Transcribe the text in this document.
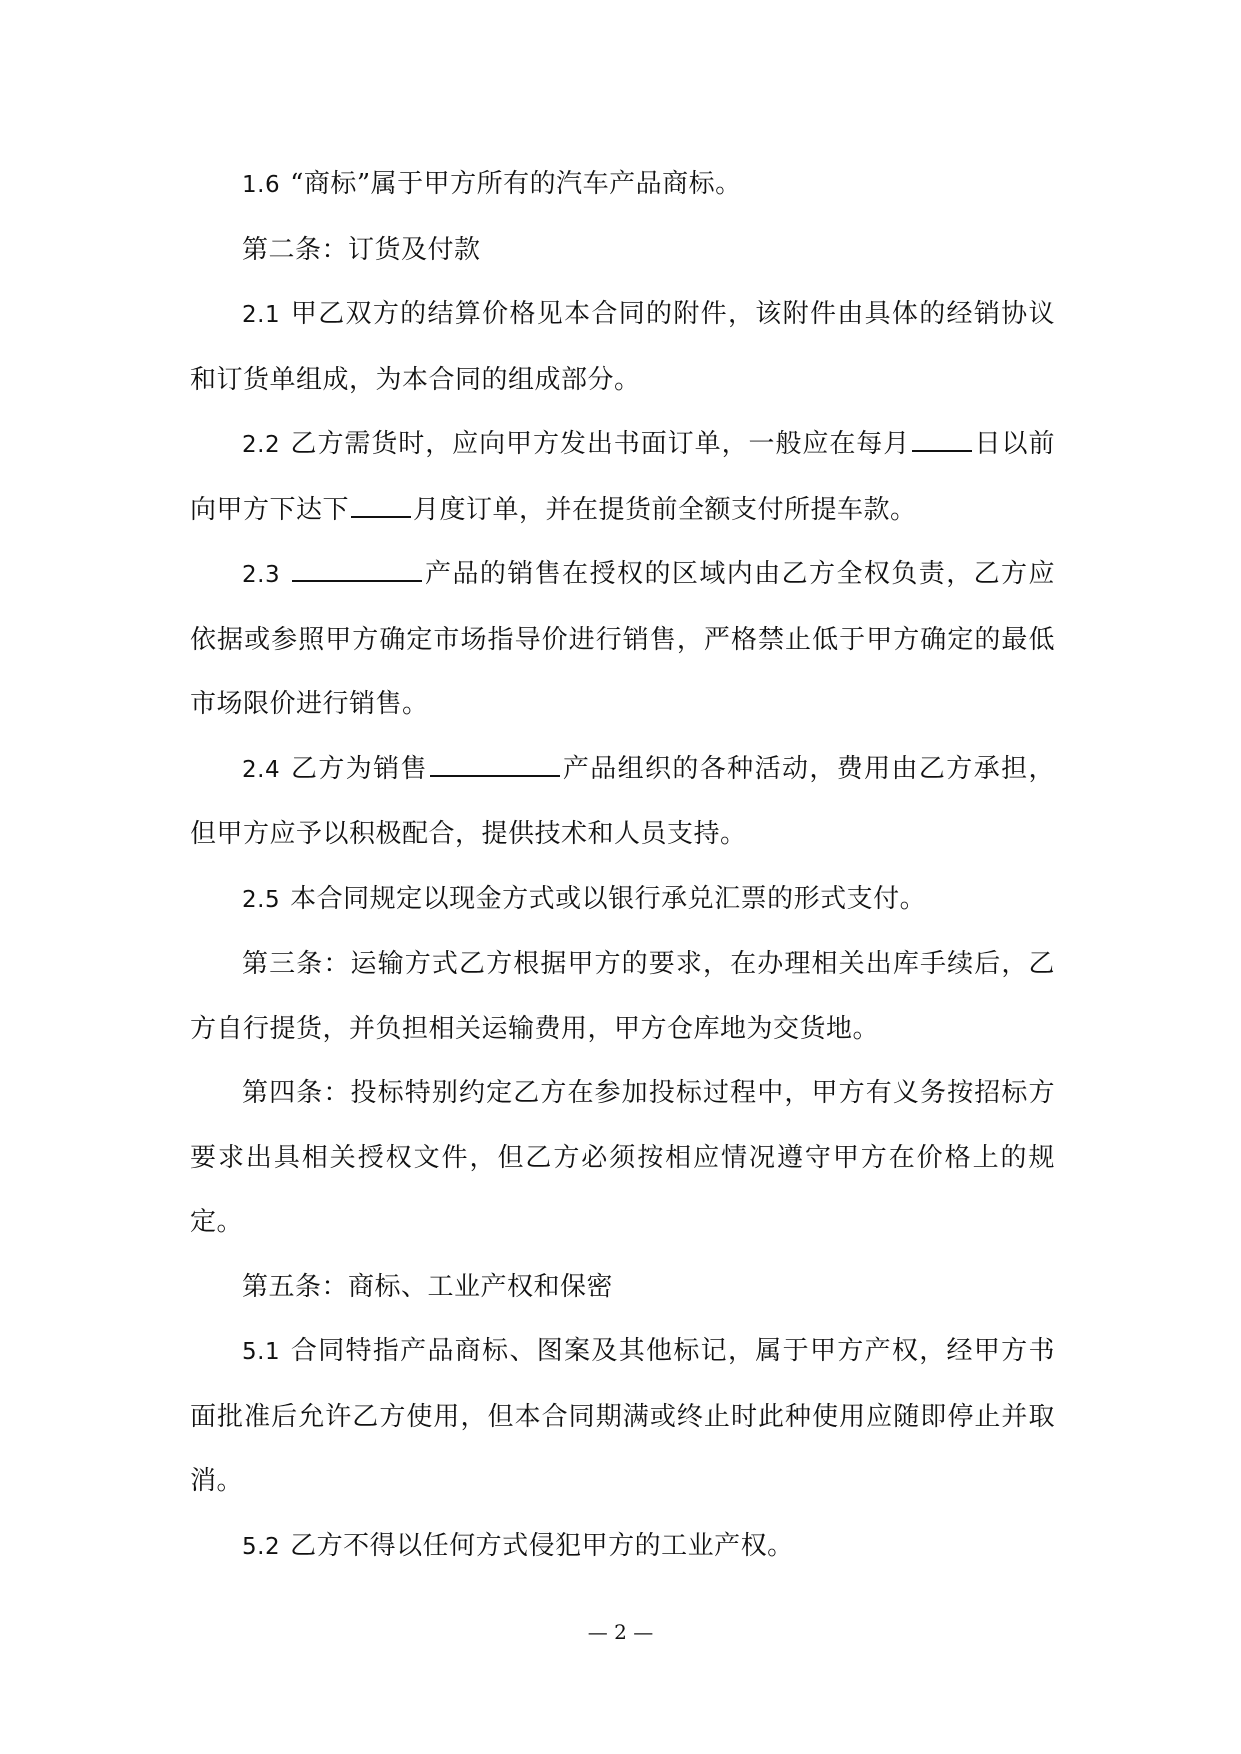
1.6 “商标”属于甲方所有的汽车产品商标。

第二条：订货及付款

2.1 甲乙双方的结算价格见本合同的附件，该附件由具体的经销协议和订货单组成，为本合同的组成部分。

2.2 乙方需货时，应向甲方发出书面订单，一般应在每月 日以前向甲方下达下 月度订单，并在提货前全额支付所提车款。

2.3	产品的销售在授权的区域内由乙方全权负责，乙方应依据或参照甲方确定市场指导价进行销售，严格禁止低于甲方确定的最低市场限价进行销售。

2.4 乙方为销售	产品组织的各种活动，费用由乙方承担，但甲方应予以积极配合，提供技术和人员支持。

2.5 本合同规定以现金方式或以银行承兑汇票的形式支付。

第三条：运输方式乙方根据甲方的要求，在办理相关出库手续后，乙方自行提货，并负担相关运输费用，甲方仓库地为交货地。

第四条：投标特别约定乙方在参加投标过程中，甲方有义务按招标方要求出具相关授权文件，但乙方必须按相应情况遵守甲方在价格上的规定。

第五条：商标、工业产权和保密

5.1 合同特指产品商标、图案及其他标记，属于甲方产权，经甲方书面批准后允许乙方使用，但本合同期满或终止时此种使用应随即停止并取消。

5.2 乙方不得以任何方式侵犯甲方的工业产权。

— 2 —
